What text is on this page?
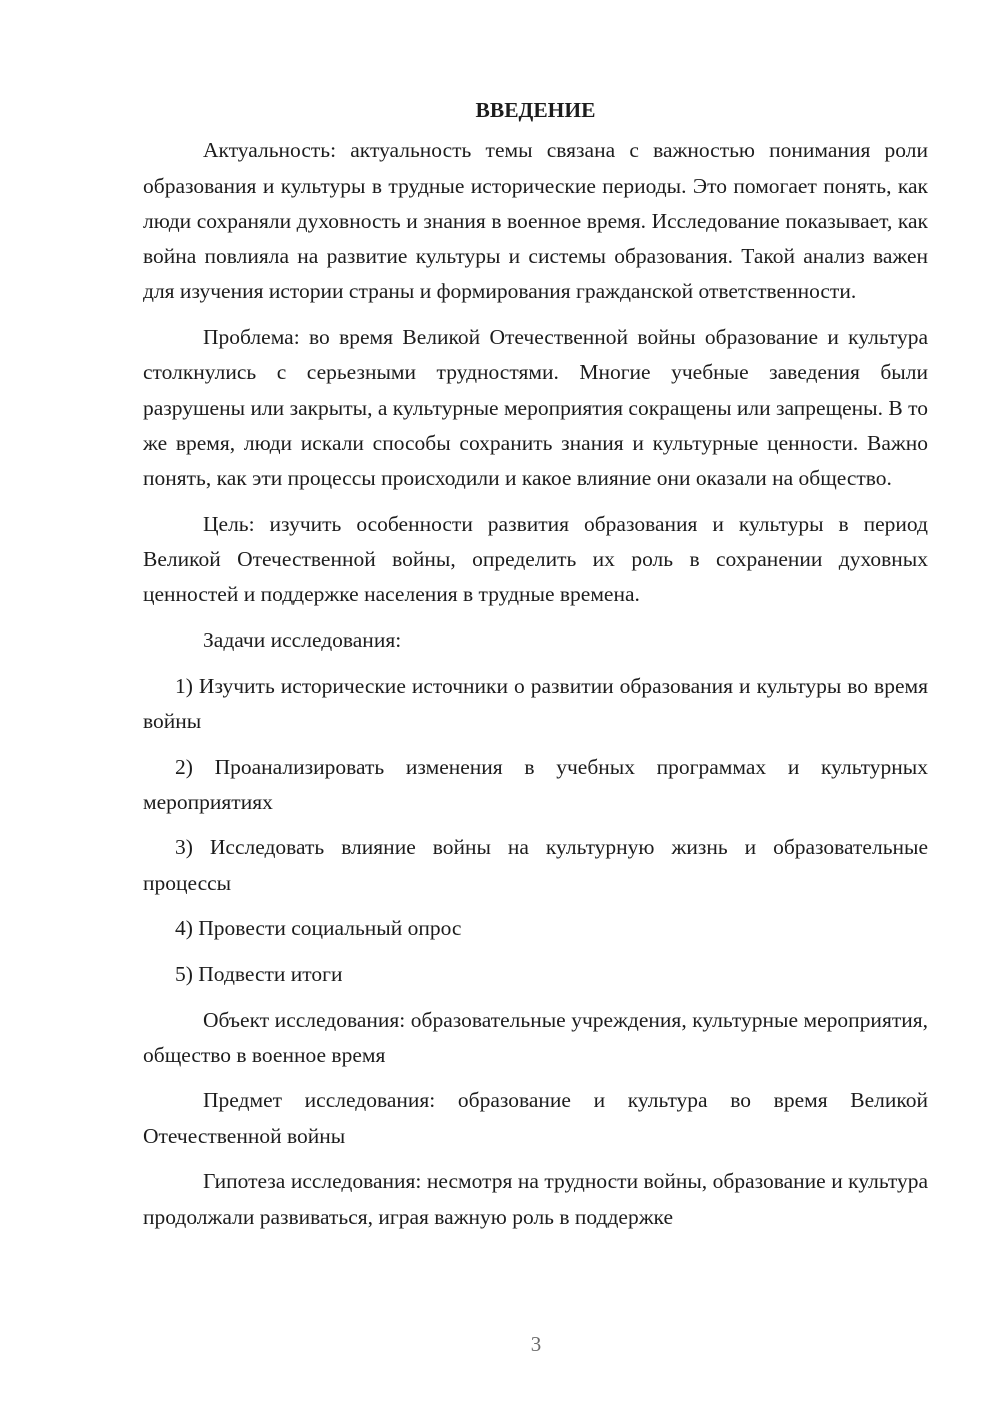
ВВЕДЕНИЕ

Актуальность: актуальность темы связана с важностью понимания роли образования и культуры в трудные исторические периоды. Это помогает понять, как люди сохраняли духовность и знания в военное время. Исследование показывает, как война повлияла на развитие культуры и системы образования. Такой анализ важен для изучения истории страны и формирования гражданской ответственности.

Проблема: во время Великой Отечественной войны образование и культура столкнулись с серьезными трудностями. Многие учебные заведения были разрушены или закрыты, а культурные мероприятия сокращены или запрещены. В то же время, люди искали способы сохранить знания и культурные ценности. Важно понять, как эти процессы происходили и какое влияние они оказали на общество.

Цель: изучить особенности развития образования и культуры в период Великой Отечественной войны, определить их роль в сохранении духовных ценностей и поддержке населения в трудные времена.

Задачи исследования:

1) Изучить исторические источники о развитии образования и культуры во время войны

2) Проанализировать изменения в учебных программах и культурных мероприятиях

3) Исследовать влияние войны на культурную жизнь и образовательные процессы

4) Провести социальный опрос

5) Подвести итоги

Объект исследования: образовательные учреждения, культурные мероприятия, общество в военное время

Предмет исследования: образование и культура во время Великой Отечественной войны

Гипотеза исследования: несмотря на трудности войны, образование и культура продолжали развиваться, играя важную роль в поддержке

3
